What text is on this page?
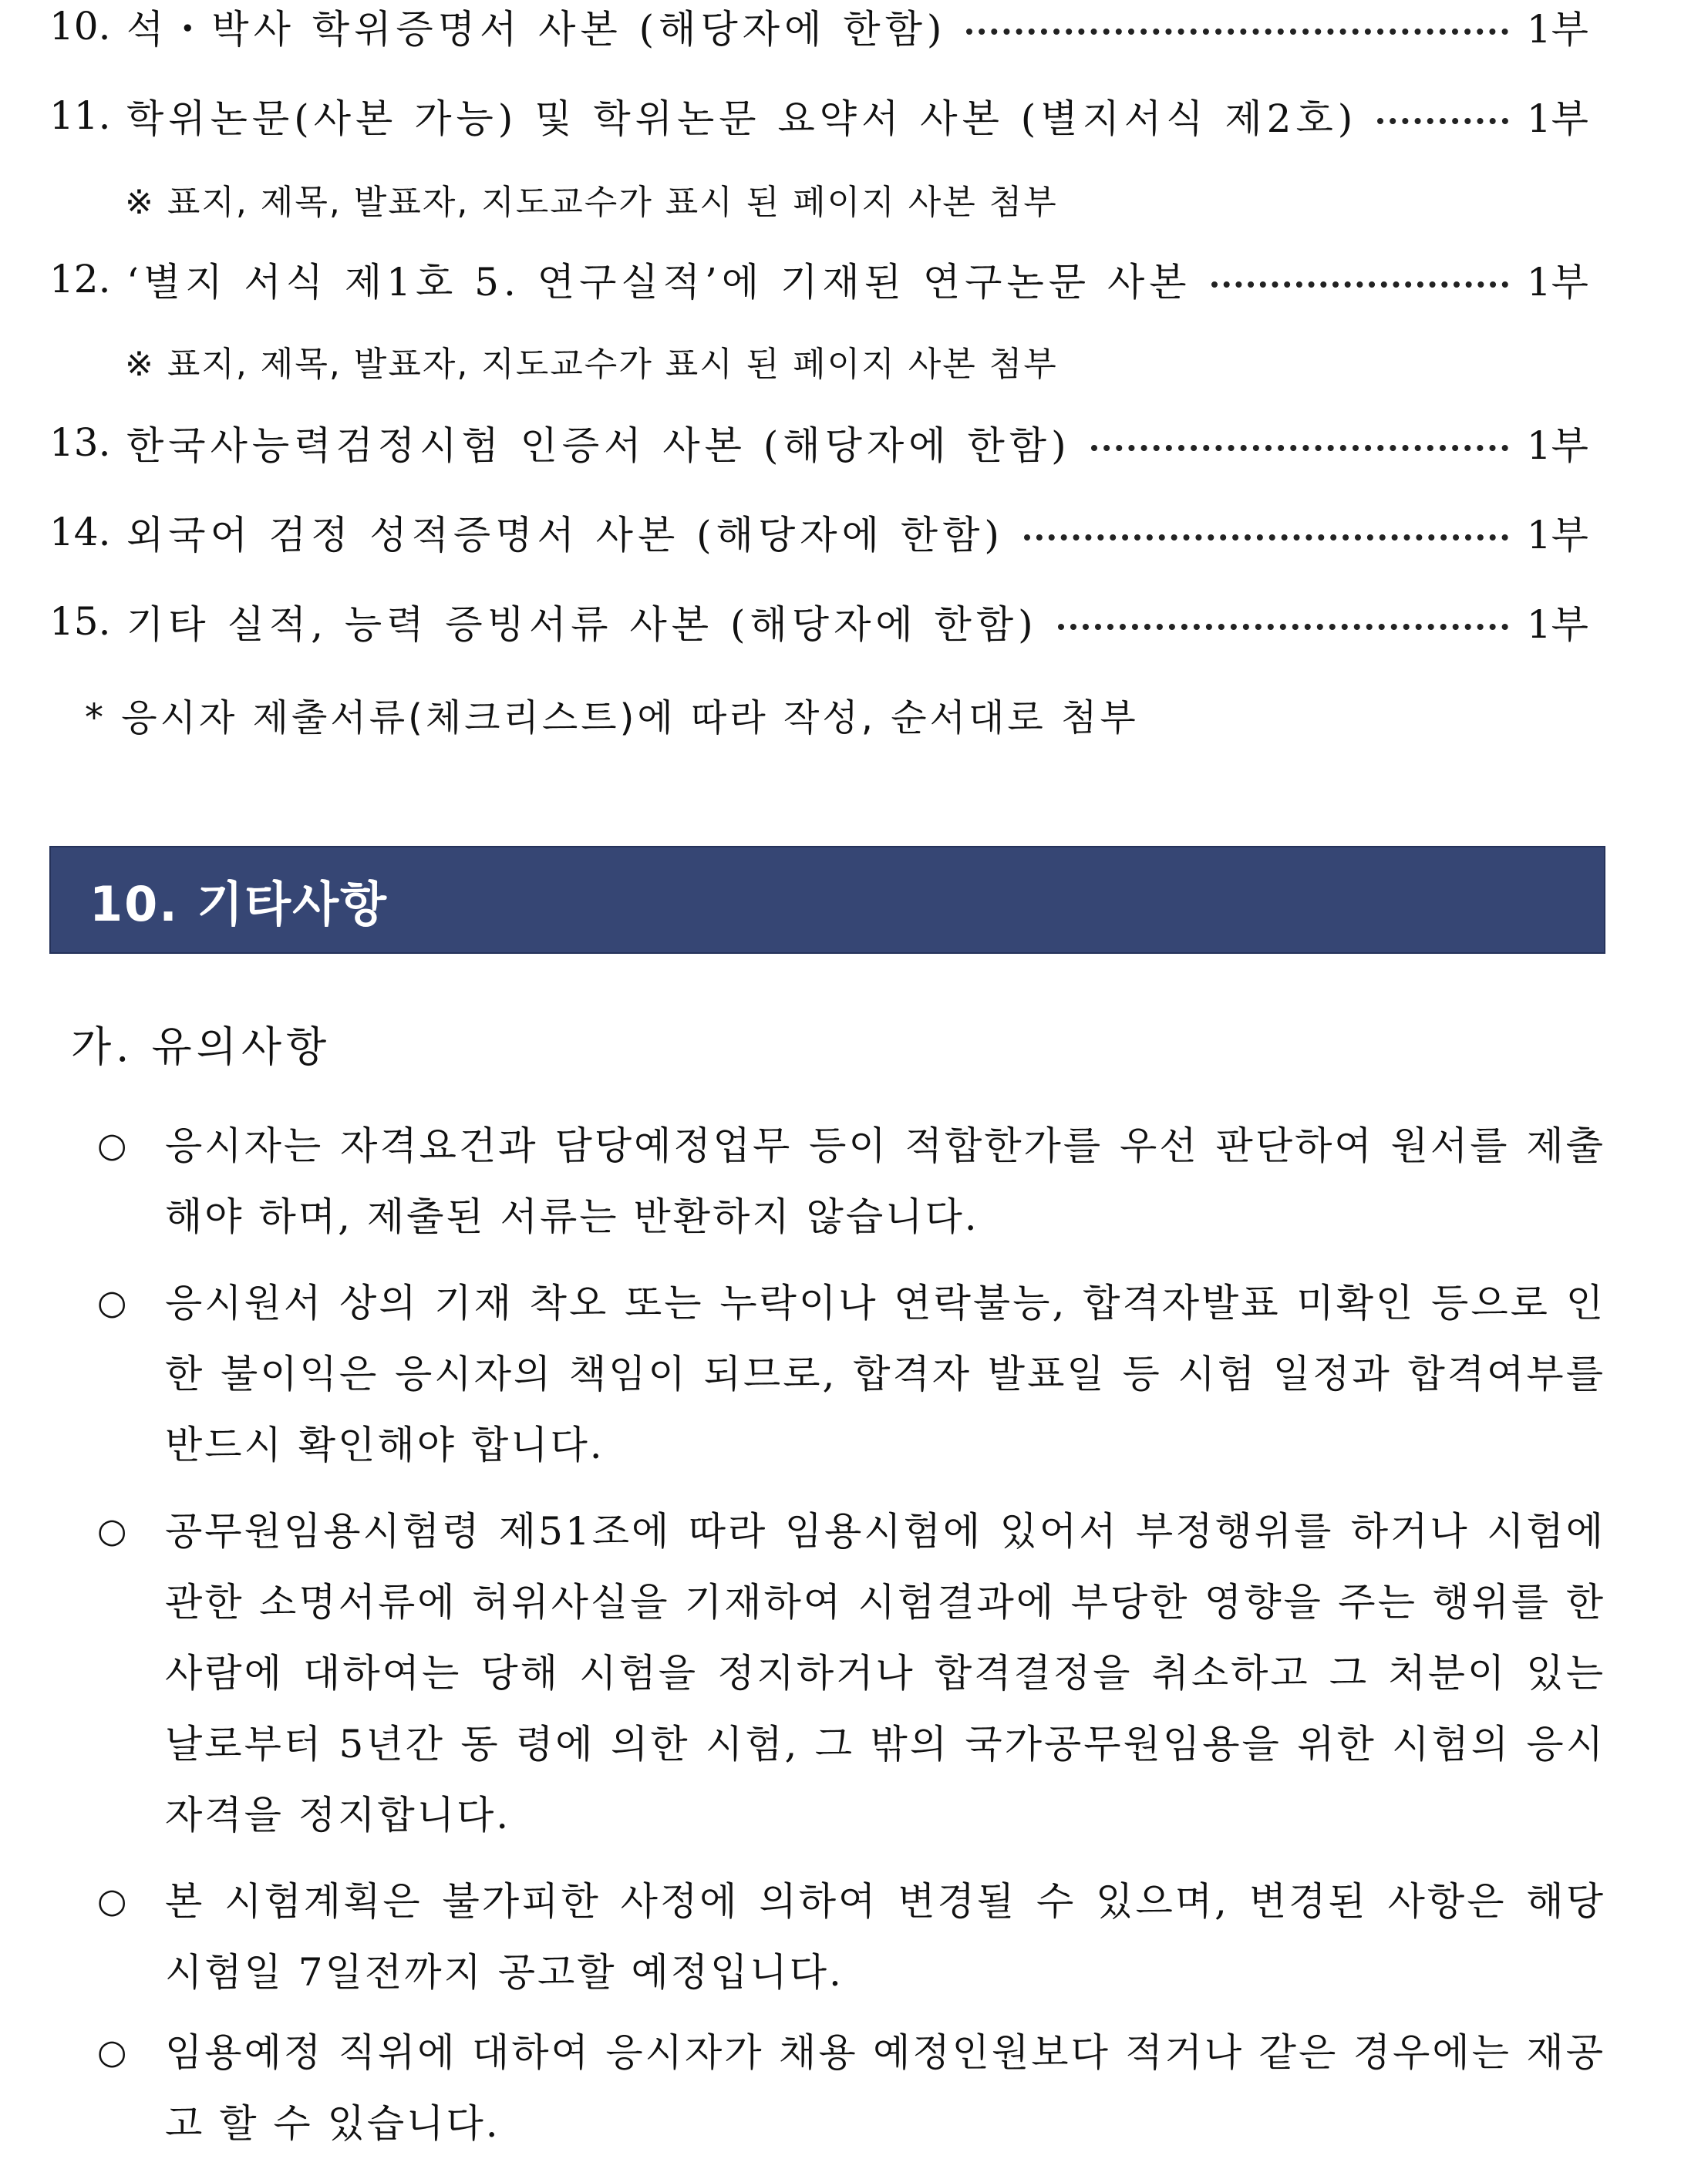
10. 석・박사 학위증명서 사본 (해당자에 한함)	1부
11. 학위논문(사본 가능) 및 학위논문 요약서 사본 (별지서식 제2호)	1부
※ 표지, 제목, 발표자, 지도교수가 표시 된 페이지 사본 첨부
12. ‘별지 서식 제1호 5. 연구실적’에 기재된 연구논문 사본	1부
※ 표지, 제목, 발표자, 지도교수가 표시 된 페이지 사본 첨부
13. 한국사능력검정시험 인증서 사본 (해당자에 한함)	1부
14. 외국어 검정 성적증명서 사본 (해당자에 한함)	1부
15. 기타 실적, 능력 증빙서류 사본 (해당자에 한함)	1부
* 응시자 제출서류(체크리스트)에 따라 작성, 순서대로 첨부
10. 기타사항
가. 유의사항
○ 응시자는 자격요건과 담당예정업무 등이 적합한가를 우선 판단하여 원서를 제출해야 하며, 제출된 서류는 반환하지 않습니다.
○ 응시원서 상의 기재 착오 또는 누락이나 연락불능, 합격자발표 미확인 등으로 인한 불이익은 응시자의 책임이 되므로, 합격자 발표일 등 시험 일정과 합격여부를 반드시 확인해야 합니다.
○ 공무원임용시험령 제51조에 따라 임용시험에 있어서 부정행위를 하거나 시험에 관한 소명서류에 허위사실을 기재하여 시험결과에 부당한 영향을 주는 행위를 한 사람에 대하여는 당해 시험을 정지하거나 합격결정을 취소하고 그 처분이 있는 날로부터 5년간 동 령에 의한 시험, 그 밖의 국가공무원임용을 위한 시험의 응시 자격을 정지합니다.
○ 본 시험계획은 불가피한 사정에 의하여 변경될 수 있으며, 변경된 사항은 해당 시험일 7일전까지 공고할 예정입니다.
○ 임용예정 직위에 대하여 응시자가 채용 예정인원보다 적거나 같은 경우에는 재공고 할 수 있습니다.
